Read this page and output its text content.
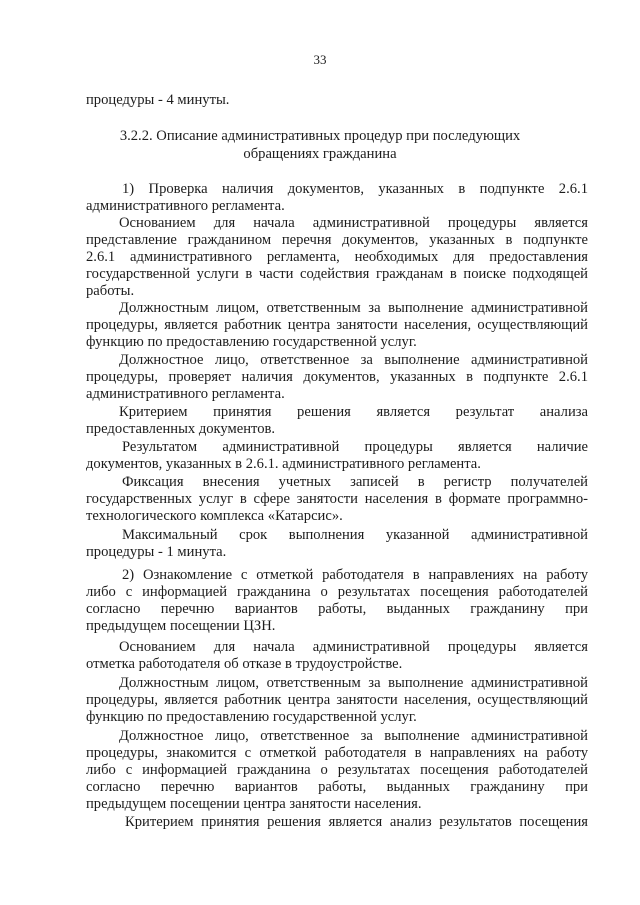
33
процедуры - 4 минуты.
3.2.2. Описание административных процедур при последующих
обращениях гражданина
1) Проверка наличия документов, указанных в подпункте 2.6.1
административного регламента.
Основанием для начала административной процедуры является
представление гражданином перечня документов, указанных в подпункте
2.6.1 административного регламента, необходимых для предоставления
государственной услуги в части содействия гражданам в поиске подходящей
работы.
Должностным лицом, ответственным за выполнение административной
процедуры, является работник центра занятости населения, осуществляющий
функцию по предоставлению государственной услуг.
Должностное лицо, ответственное за выполнение административной
процедуры, проверяет наличия документов, указанных в подпункте 2.6.1
административного регламента.
Критерием принятия решения является результат анализа
предоставленных документов.
Результатом административной процедуры является наличие
документов, указанных в 2.6.1. административного регламента.
Фиксация внесения учетных записей в регистр получателей
государственных услуг в сфере занятости населения в формате программно-
технологического комплекса «Катарсис».
Максимальный срок выполнения указанной административной
процедуры - 1 минута.
2) Ознакомление с отметкой работодателя в направлениях на работу
либо с информацией гражданина о результатах посещения работодателей
согласно перечню вариантов работы, выданных гражданину при
предыдущем посещении ЦЗН.
Основанием для начала административной процедуры является
отметка работодателя об отказе в трудоустройстве.
Должностным лицом, ответственным за выполнение административной
процедуры, является работник центра занятости населения, осуществляющий
функцию по предоставлению государственной услуг.
Должностное лицо, ответственное за выполнение административной
процедуры, знакомится с отметкой работодателя в направлениях на работу
либо с информацией гражданина о результатах посещения работодателей
согласно перечню вариантов работы, выданных гражданину при
предыдущем посещении центра занятости населения.
Критерием принятия решения является анализ результатов посещения
